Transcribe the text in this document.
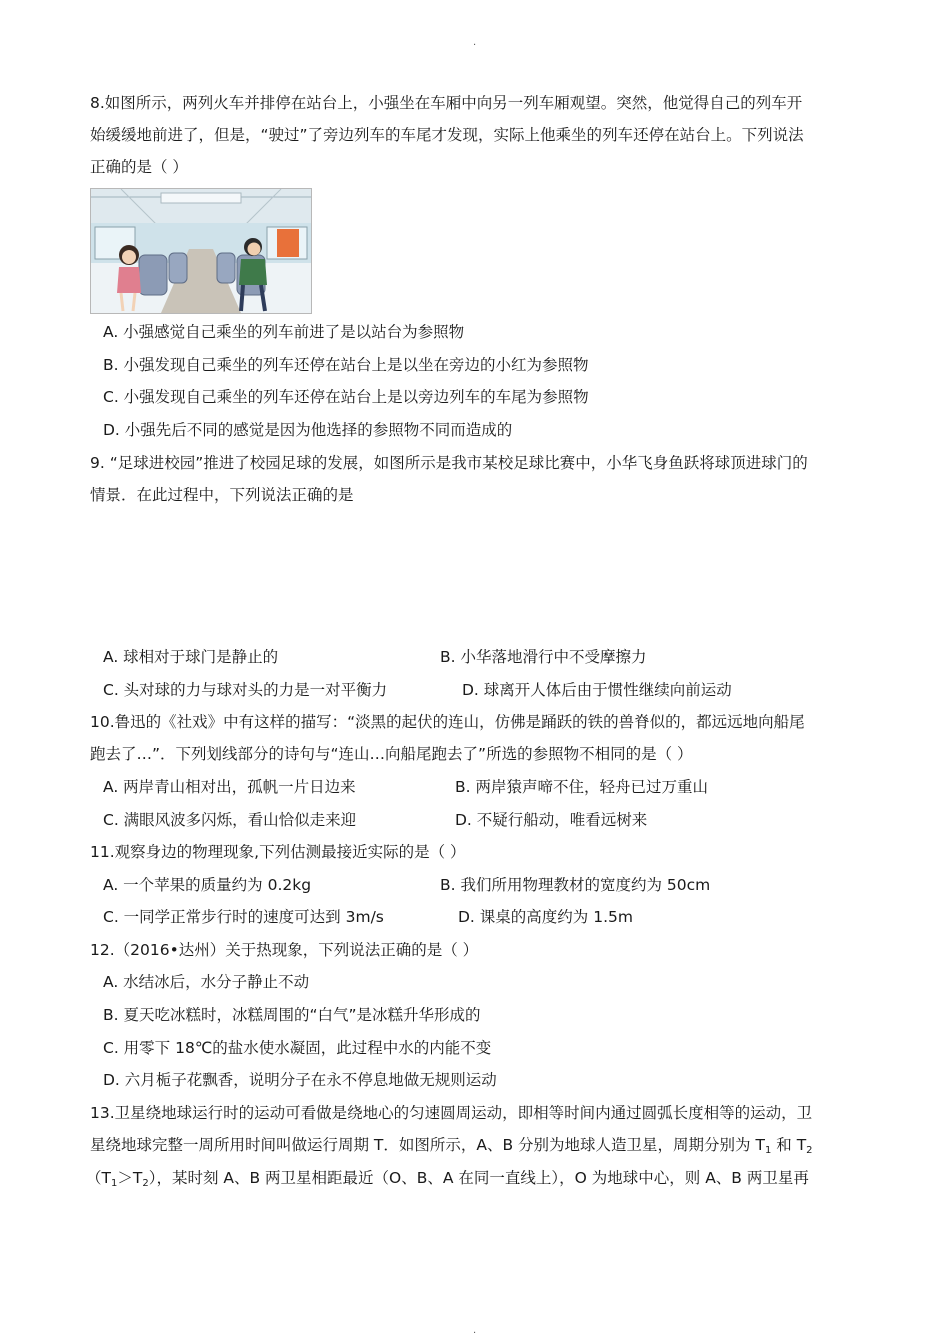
.
8.如图所示，两列火车并排停在站台上，小强坐在车厢中向另一列车厢观望。突然，他觉得自己的列车开
始缓缓地前进了，但是，“驶过”了旁边列车的车尾才发现，实际上他乘坐的列车还停在站台上。下列说法
正确的是（ ）
A. 小强感觉自己乘坐的列车前进了是以站台为参照物
B. 小强发现自己乘坐的列车还停在站台上是以坐在旁边的小红为参照物
C. 小强发现自己乘坐的列车还停在站台上是以旁边列车的车尾为参照物
D. 小强先后不同的感觉是因为他选择的参照物不同而造成的
9. “足球进校园”推进了校园足球的发展，如图所示是我市某校足球比赛中，小华飞身鱼跃将球顶进球门的
情景．在此过程中，下列说法正确的是
A. 球相对于球门是静止的	B. 小华落地滑行中不受摩擦力
C. 头对球的力与球对头的力是一对平衡力	D. 球离开人体后由于惯性继续向前运动
10.鲁迅的《社戏》中有这样的描写：“淡黑的起伏的连山，仿佛是踊跃的铁的兽脊似的，都远远地向船尾
跑去了…”．下列划线部分的诗句与“连山…向船尾跑去了”所选的参照物不相同的是（ ）
A. 两岸青山相对出，孤帆一片日边来	B. 两岸猿声啼不住，轻舟已过万重山
C. 满眼风波多闪烁，看山恰似走来迎	D. 不疑行船动，唯看远树来
11.观察身边的物理现象,下列估测最接近实际的是（ ）
A. 一个苹果的质量约为 0.2kg	B. 我们所用物理教材的宽度约为 50cm
C. 一同学正常步行时的速度可达到 3m/s	D. 课桌的高度约为 1.5m
12.（2016•达州）关于热现象，下列说法正确的是（ ）
A. 水结冰后，水分子静止不动
B. 夏天吃冰糕时，冰糕周围的“白气”是冰糕升华形成的
C. 用零下 18℃的盐水使水凝固，此过程中水的内能不变
D. 六月栀子花飘香，说明分子在永不停息地做无规则运动
13.卫星绕地球运行时的运动可看做是绕地心的匀速圆周运动，即相等时间内通过圆弧长度相等的运动，卫
星绕地球完整一周所用时间叫做运行周期 T．如图所示，A、B 分别为地球人造卫星，周期分别为 $T_1$ 和 $T_2$
$(T_1>T_2)$，某时刻 A、B 两卫星相距最近（O、B、A 在同一直线上），O 为地球中心，则 A、B 两卫星再
.
